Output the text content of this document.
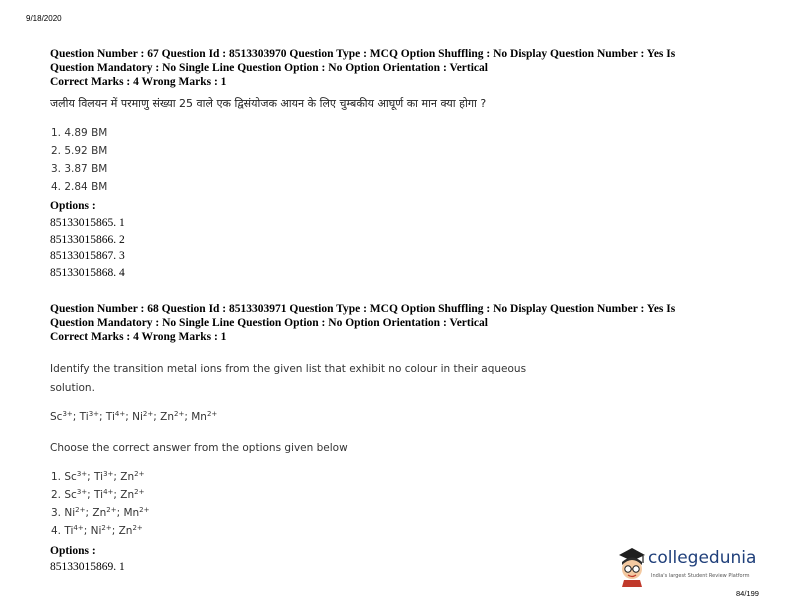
9/18/2020
Question Number : 67 Question Id : 8513303970 Question Type : MCQ Option Shuffling : No Display Question Number : Yes Is
Question Mandatory : No Single Line Question Option : No Option Orientation : Vertical
Correct Marks : 4 Wrong Marks : 1
जलीय विलयन में परमाणु संख्या 25 वाले एक द्विसंयोजक आयन के लिए चुम्बकीय आघूर्ण का मान क्या होगा ?
1. 4.89 BM
2. 5.92 BM
3. 3.87 BM
4. 2.84 BM
Options :
85133015865. 1
85133015866. 2
85133015867. 3
85133015868. 4
Question Number : 68 Question Id : 8513303971 Question Type : MCQ Option Shuffling : No Display Question Number : Yes Is
Question Mandatory : No Single Line Question Option : No Option Orientation : Vertical
Correct Marks : 4 Wrong Marks : 1
Identify the transition metal ions from the given list that exhibit no colour in their aqueous
solution.
$Sc^{3+}$; $Ti^{3+}$; $Ti^{4+}$; $Ni^{2+}$; $Zn^{2+}$; $Mn^{2+}$
Choose the correct answer from the options given below
1. $Sc^{3+}$; $Ti^{3+}$; $Zn^{2+}$
2. $Sc^{3+}$; $Ti^{4+}$; $Zn^{2+}$
3. $Ni^{2+}$; $Zn^{2+}$; $Mn^{2+}$
4. $Ti^{4+}$; $Ni^{2+}$; $Zn^{2+}$
Options :
85133015869. 1	collegedunia
India's largest Student Review Platform
84/199
